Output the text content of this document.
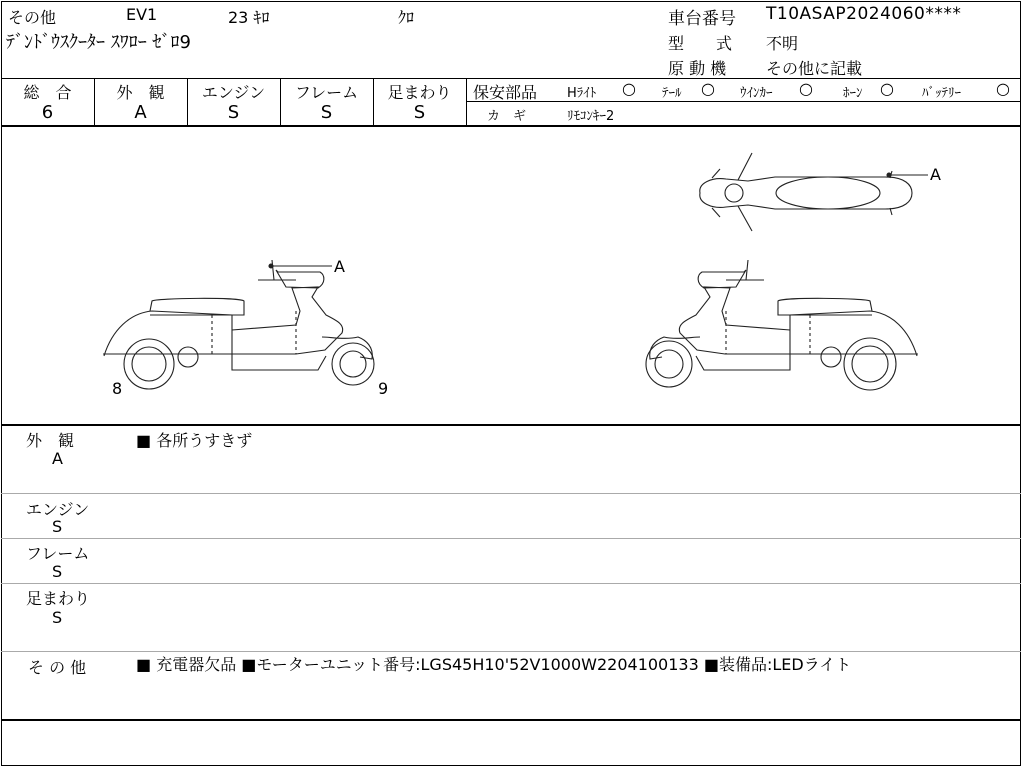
その他	EV1	23 ｷﾛ	ｸﾛ
ﾃﾞﾝﾄﾞｳｽｸｰﾀｰ ｽﾜﾛｰ ｾﾞﾛ9
車台番号 T10ASAP2024060****
型　　式 不明
原 動 機 その他に記載
総　合	外　観	エンジン	フレーム	足まわり
6	A	S	S	S
保安部品 Hﾗｲﾄ ○ ﾃｰﾙ ○ ｳｲﾝｶｰ ○ ﾎｰﾝ ○ ﾊﾞｯﾃﾘｰ ○
カ　ギ	ﾘﾓｺﾝｷｰ2
A
A
8	9
外　観
A
■ 各所うすきず
エンジン
S
フレーム
S
足まわり
S
そ の 他	■ 充電器欠品 ■モーターユニット番号:LGS45H10'52V1000W2204100133 ■装備品:LEDライト
